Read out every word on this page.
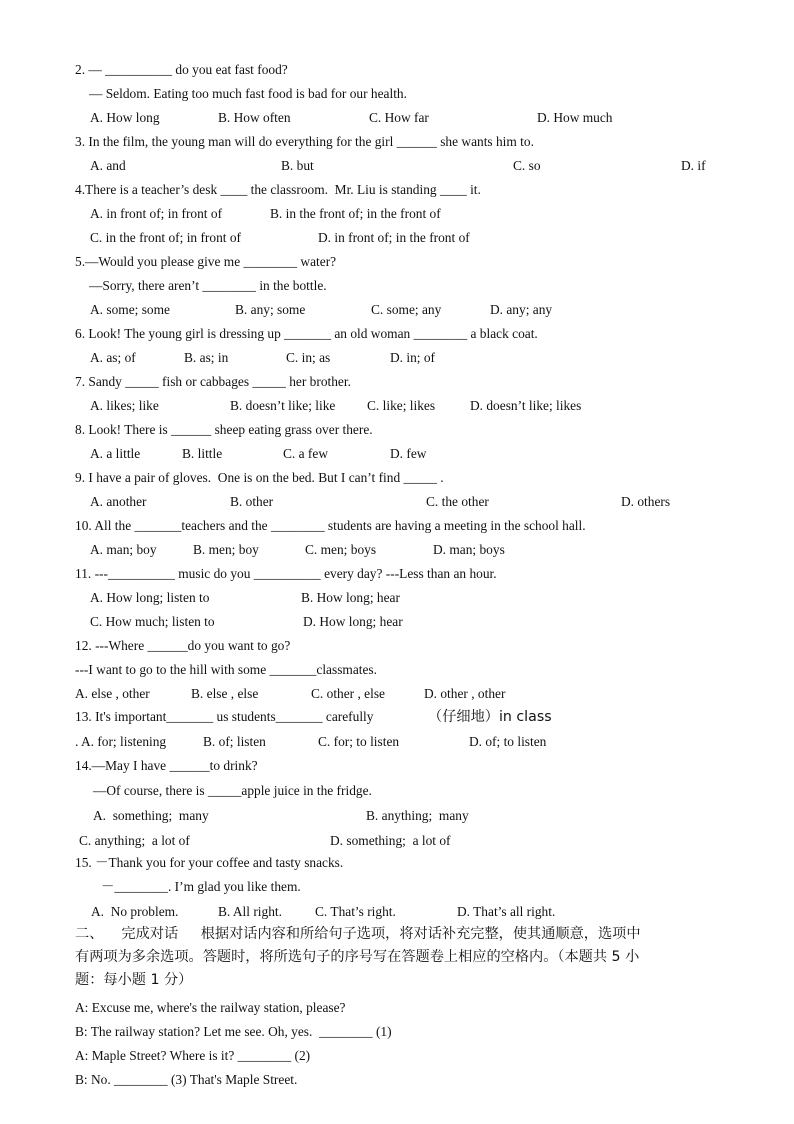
2. — __________ do you eat fast food?
— Seldom. Eating too much fast food is bad for our health.
A. How long	B. How often	C. How far	D. How much
3. In the film, the young man will do everything for the girl ______ she wants him to.
A. and	B. but	C. so	D. if
4.There is a teacher’s desk ____ the classroom.  Mr. Liu is standing ____ it.
A. in front of; in front of	B. in the front of; in the front of
C. in the front of; in front of	D. in front of; in the front of
5.—Would you please give me ________ water?
—Sorry, there aren’t ________ in the bottle.
A. some; some	B. any; some	C. some; any	D. any; any
6. Look! The young girl is dressing up _______ an old woman ________ a black coat.
A. as; of	B. as; in	C. in; as	D. in; of
7. Sandy _____ fish or cabbages _____ her brother.
A. likes; like	B. doesn’t like; like C. like; likes	D. doesn’t like; likes
8. Look! There is ______ sheep eating grass over there.
A. a little	B. little	C. a few	D. few
9. I have a pair of gloves.  One is on the bed. But I can’t find _____ .
A. another	B. other	C. the other	D. others
10. All the _______teachers and the ________ students are having a meeting in the school hall.
A. man; boy	B. men; boy	C. men; boys	D. man; boys
11. ---__________ music do you __________ every day? ---Less than an hour.
A. How long; listen to	B. How long; hear
C. How much; listen to	D. How long; hear
12. ---Where ______do you want to go?
---I want to go to the hill with some _______classmates.
A. else , other	B. else , else	C. other , else	D. other , other
13. It's important_______ us students_______ carefully	（仔细地）in class
. A. for; listening	B. of; listen	C. for; to listen	D. of; to listen
14.—May I have ______to drink?
—Of course, there is _____apple juice in the fridge.
A.  something;  many	B. anything;  many
C. anything;  a lot of	D. something;  a lot of
15. －Thank you for your coffee and tasty snacks.
－________. I’m glad you like them.
A.  No problem.	B. All right. C. That’s right.	D. That’s all right.
二、    完成对话     根据对话内容和所给句子选项，将对话补充完整，使其通顺意，选项中
有两项为多余选项。答题时，将所选句子的序号写在答题卷上相应的空格内。（本题共 5 小
题：每小题 1 分）
A: Excuse me, where's the railway station, please?
B: The railway station? Let me see. Oh, yes.  ________ (1)
A: Maple Street? Where is it? ________ (2)
B: No. ________ (3) That's Maple Street.
